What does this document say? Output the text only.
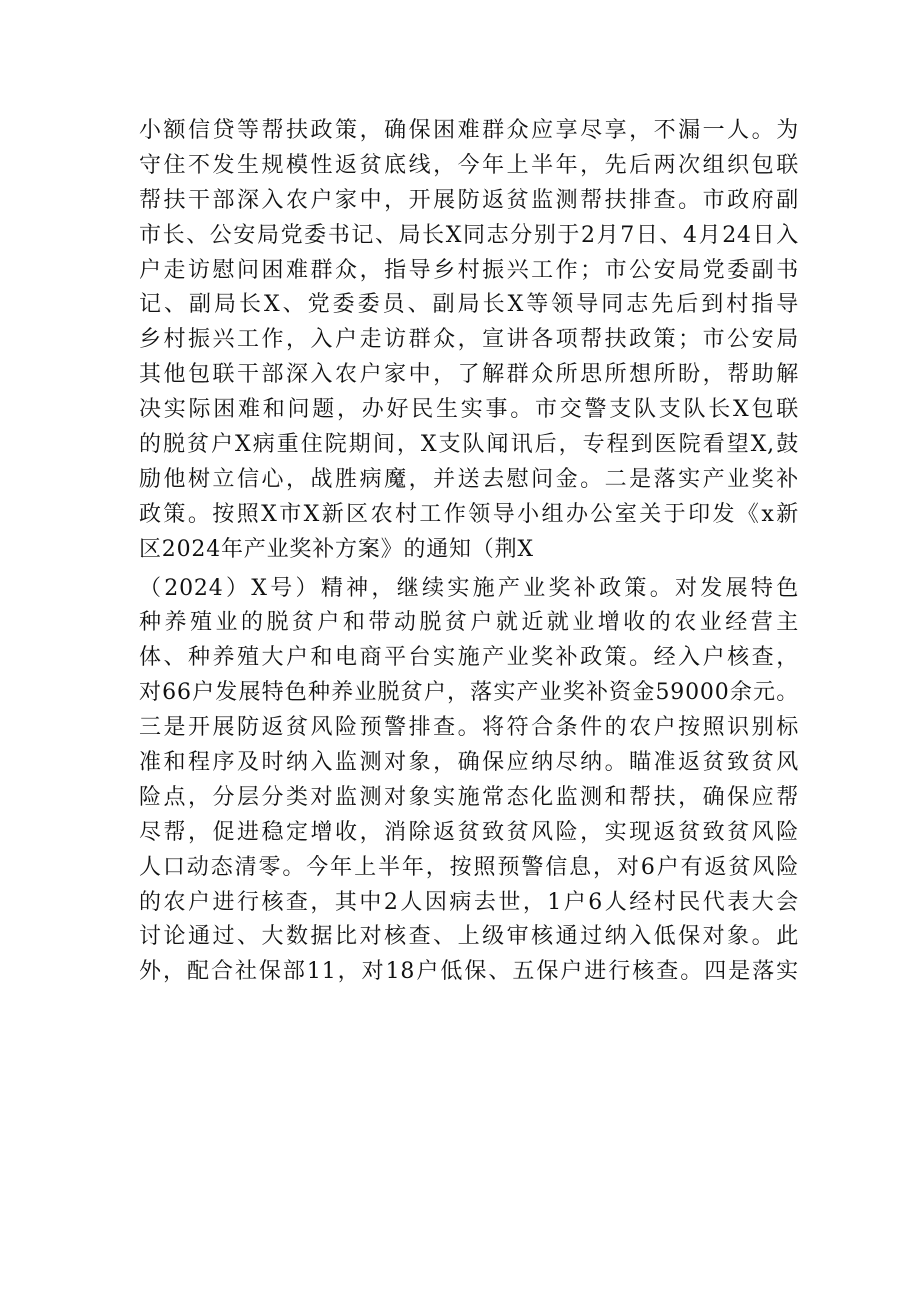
小额信贷等帮扶政策，确保困难群众应享尽享，不漏一人。为
守住不发生规模性返贫底线，今年上半年，先后两次组织包联
帮扶干部深入农户家中，开展防返贫监测帮扶排查。市政府副
市长、公安局党委书记、局长X同志分别于2月7日、4月24日入
户走访慰问困难群众，指导乡村振兴工作；市公安局党委副书
记、副局长X、党委委员、副局长X等领导同志先后到村指导
乡村振兴工作，入户走访群众，宣讲各项帮扶政策；市公安局
其他包联干部深入农户家中，了解群众所思所想所盼，帮助解
决实际困难和问题，办好民生实事。市交警支队支队长X包联
的脱贫户X病重住院期间，X支队闻讯后，专程到医院看望X,鼓
励他树立信心，战胜病魔，并送去慰问金。二是落实产业奖补
政策。按照X市X新区农村工作领导小组办公室关于印发《x新
区2024年产业奖补方案》的通知（荆X
（2024）X号）精神，继续实施产业奖补政策。对发展特色
种养殖业的脱贫户和带动脱贫户就近就业增收的农业经营主
体、种养殖大户和电商平台实施产业奖补政策。经入户核查，
对66户发展特色种养业脱贫户，落实产业奖补资金59000余元。
三是开展防返贫风险预警排查。将符合条件的农户按照识别标
准和程序及时纳入监测对象，确保应纳尽纳。瞄准返贫致贫风
险点，分层分类对监测对象实施常态化监测和帮扶，确保应帮
尽帮，促进稳定增收，消除返贫致贫风险，实现返贫致贫风险
人口动态清零。今年上半年，按照预警信息，对6户有返贫风险
的农户进行核查，其中2人因病去世，1户6人经村民代表大会
讨论通过、大数据比对核查、上级审核通过纳入低保对象。此
外，配合社保部11，对18户低保、五保户进行核查。四是落实
